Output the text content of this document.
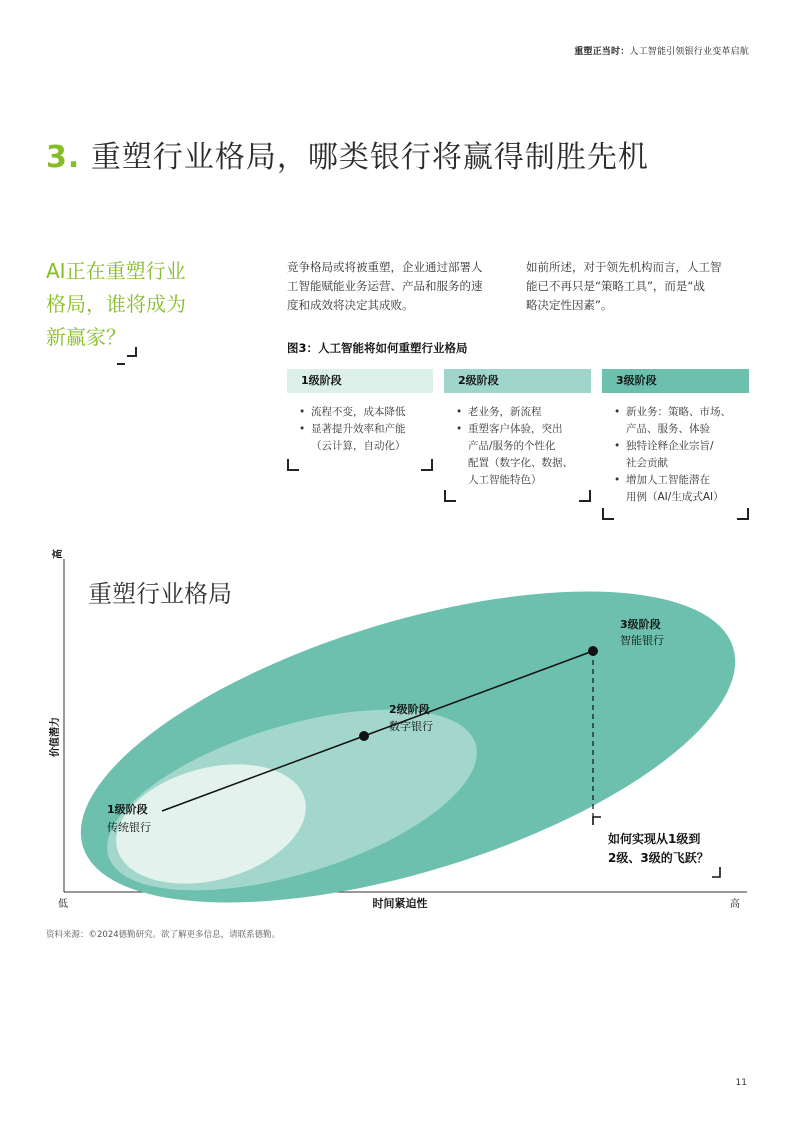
重塑正当时：人工智能引领银行业变革启航
3. 重塑行业格局，哪类银行将赢得制胜先机
AI正在重塑行业
格局，谁将成为
新赢家？
竞争格局或将被重塑，企业通过部署人
工智能赋能业务运营、产品和服务的速
度和成效将决定其成败。
如前所述，对于领先机构而言，人工智
能已不再只是“策略工具”，而是“战
略决定性因素”。
图3：人工智能将如何重塑行业格局
1级阶段	2级阶段	3级阶段
• 流程不变，成本降低
• 显著提升效率和产能
（云计算，自动化）
• 老业务，新流程
• 重塑客户体验，突出
产品/服务的个性化
配置（数字化、数据、
人工智能特色）
• 新业务：策略、市场、
产品、服务、体验
• 独特诠释企业宗旨/
社会贡献
• 增加人工智能潜在
用例（AI/生成式AI）
重塑行业格局
1级阶段
传统银行
2级阶段
数字银行
3级阶段
智能银行
如何实现从1级到
2级、3级的飞跃？
高
价值潜力
低	时间紧迫性	高
资料来源：©2024德勤研究。欲了解更多信息，请联系德勤。
11
